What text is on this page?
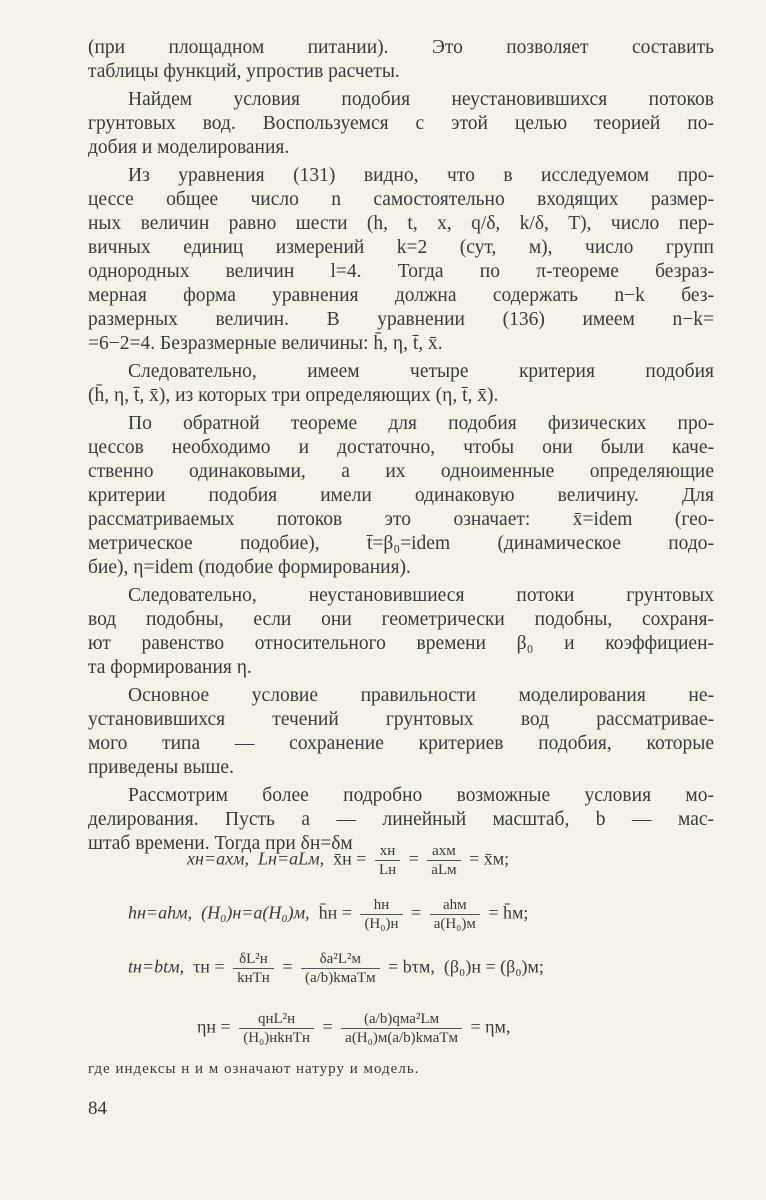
(при площадном питании). Это позволяет составить
таблицы функций, упростив расчеты.
Найдем условия подобия неустановившихся потоков
грунтовых вод. Воспользуемся с этой целью теорией по-
добия и моделирования.
Из уравнения (131) видно, что в исследуемом про-
цессе общее число n самостоятельно входящих размер-
ных величин равно шести (h, t, x, q/δ, k/δ, T), число пер-
вичных единиц измерений k=2 (сут, м), число групп
однородных величин l=4. Тогда по π-теореме безраз-
мерная форма уравнения должна содержать n−k без-
размерных величин. В уравнении (136) имеем n−k=
=6−2=4. Безразмерные величины: h̄, η, t̄, x̄.
Следовательно, имеем четыре критерия подобия
(h̄, η, t̄, x̄), из которых три определяющих (η, t̄, x̄).
По обратной теореме для подобия физических про-
цессов необходимо и достаточно, чтобы они были каче-
ственно одинаковыми, а их одноименные определяющие
критерии подобия имели одинаковую величину. Для
рассматриваемых потоков это означает: x̄=idem (гео-
метрическое подобие), t̄=β₀=idem (динамическое подо-
бие), η=idem (подобие формирования).
Следовательно, неустановившиеся потоки грунтовых
вод подобны, если они геометрически подобны, сохраня-
ют равенство относительного времени β₀ и коэффициен-
та формирования η.
Основное условие правильности моделирования не-
установившихся течений грунтовых вод рассматривае-
мого типа — сохранение критериев подобия, которые
приведены выше.
Рассмотрим более подробно возможные условия мо-
делирования. Пусть a — линейный масштаб, b — мас-
штаб времени. Тогда при δн=δм
xн=axм, Lн=aLм, x̄н = $\frac{xн}{Lн} = \frac{\text{axм}}{\text{aLм}}$ = x̄м;
hн=ahм, (H₀)н=a(H₀)м, h̄н = $\frac{hн}{\text{(H₀)н}} = \frac{\text{ahм}}{\text{a(H₀)м}}$ = h̄м;
tн=btм, $\tau н = \frac{\text{δL²н}}{\text{kнTн}} = \frac{\text{δa²L²м}}{\text{(a/b)kмaTм}} = b\tau м$, (β₀)н = (β₀)м;
$\eta н = \frac{\text{qнL²н}}{\text{(H₀)нkнTн}} = \frac{\text{(a/b)qмa²Lм}}{\text{a(H₀)м(a/b)kмaTм}} = \eta м$,
где индексы н и м означают натуру и модель.
84
